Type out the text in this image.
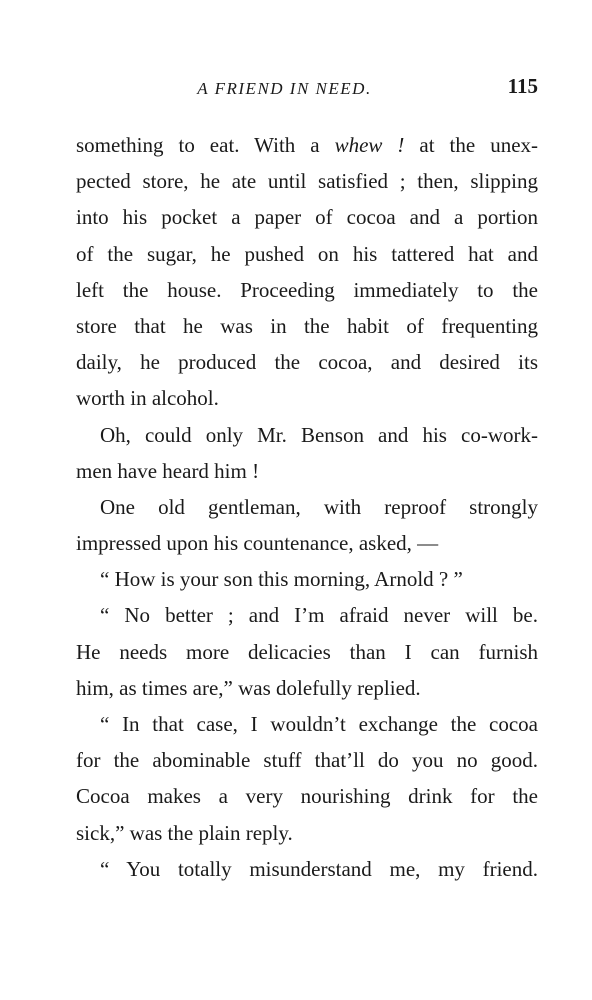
A FRIEND IN NEED.	115
something to eat. With a whew ! at the unex-
pected store, he ate until satisfied ; then, slipping
into his pocket a paper of cocoa and a portion
of the sugar, he pushed on his tattered hat and
left the house. Proceeding immediately to the
store that he was in the habit of frequenting
daily, he produced the cocoa, and desired its
worth in alcohol.
Oh, could only Mr. Benson and his co-work-
men have heard him !
One old gentleman, with reproof strongly
impressed upon his countenance, asked, —
“ How is your son this morning, Arnold ? ”
“ No better ; and I’m afraid never will be.
He needs more delicacies than I can furnish
him, as times are,” was dolefully replied.
“ In that case, I wouldn’t exchange the cocoa
for the abominable stuff that’ll do you no good.
Cocoa makes a very nourishing drink for the
sick,” was the plain reply.
“ You totally misunderstand me, my friend.
